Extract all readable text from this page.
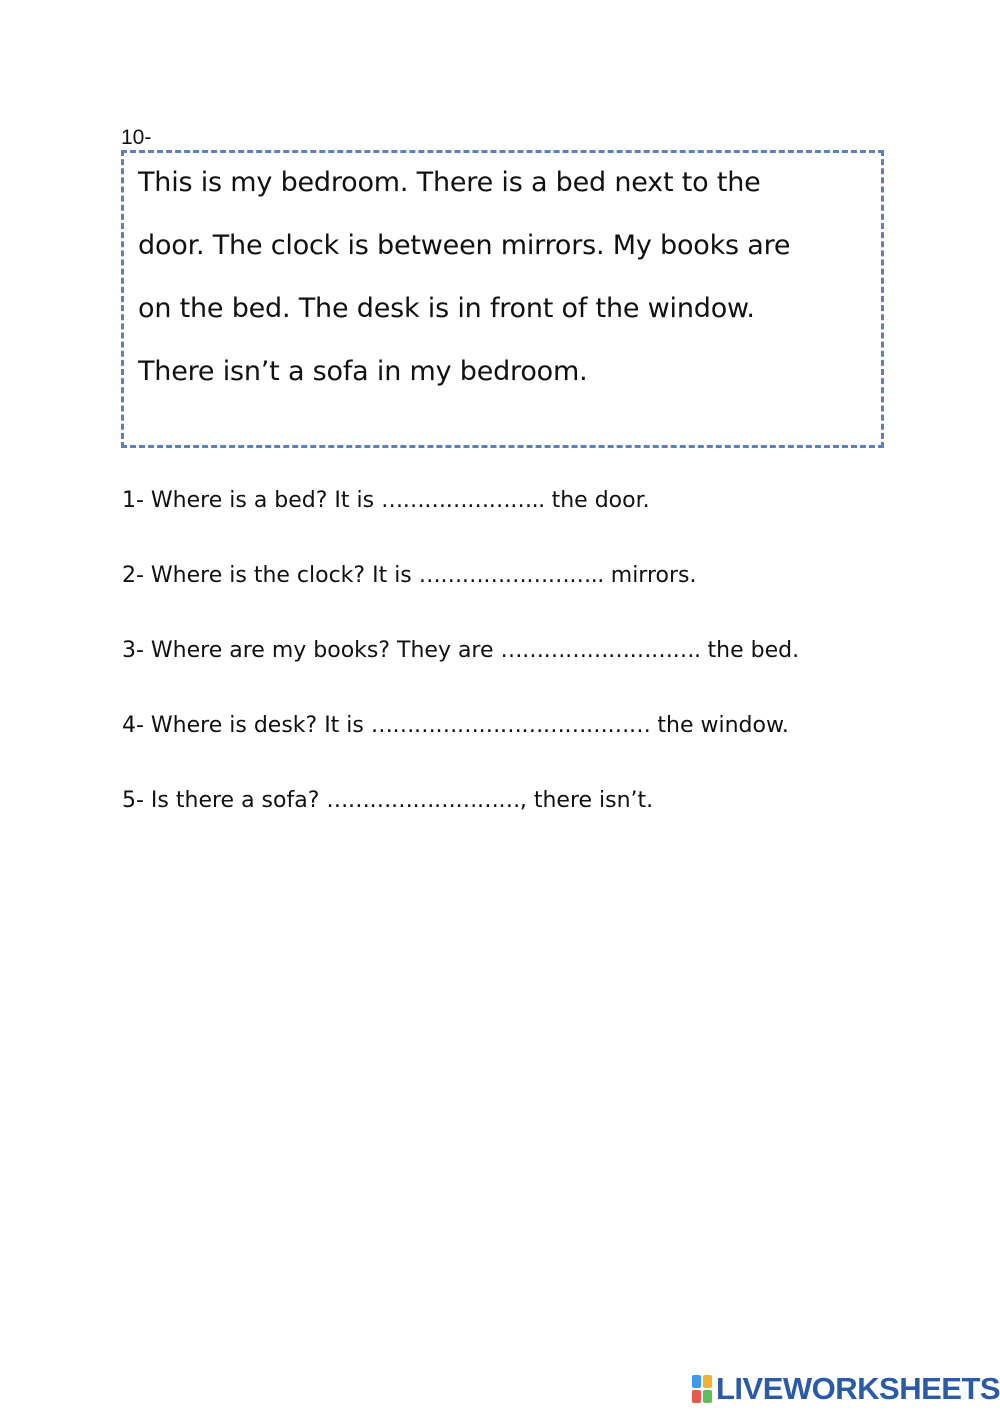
10-
This is my bedroom. There is a bed next to the
door. The clock is between mirrors. My books are
on the bed. The desk is in front of the window.
There isn’t a sofa in my bedroom.
1- Where is a bed? It is ………………….. the door.
2- Where is the clock? It is …………………….. mirrors.
3- Where are my books? They are ………………………. the bed.
4- Where is desk? It is ………………………………… the window.
5- Is there a sofa? ………………………, there isn’t.
LIVEWORKSHEETS
